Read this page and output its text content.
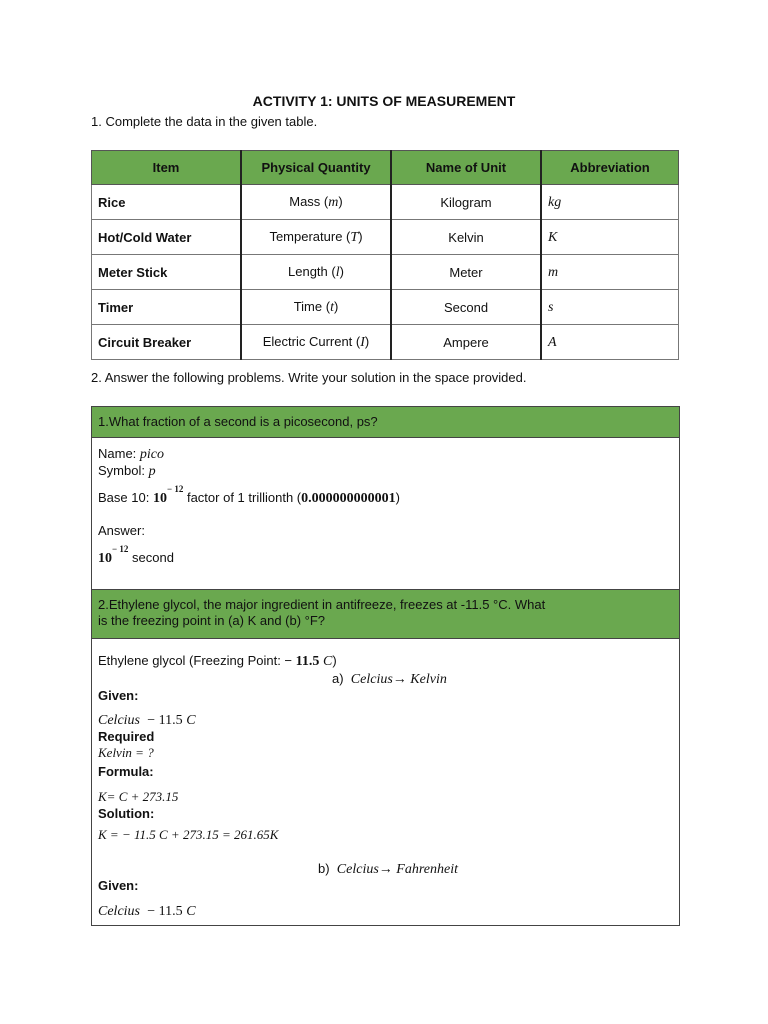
ACTIVITY 1: UNITS OF MEASUREMENT
1. Complete the data in the given table.
Item	Physical Quantity	Name of Unit	Abbreviation
Rice	Mass (m)	Kilogram	kg
Hot/Cold Water	Temperature (T)	Kelvin	K
Meter Stick	Length (l)	Meter	m
Timer	Time (t)	Second	s
Circuit Breaker	Electric Current (I)	Ampere	A
2. Answer the following problems. Write your solution in the space provided.
1.What fraction of a second is a picosecond, ps?
Name: pico
Symbol: p
Base 10: $10^{- 12}$ factor of 1 trillionth (0.000000000001)
Answer:
$10^{- 12}$ second
2.Ethylene glycol, the major ingredient in antifreeze, freezes at -11.5 °C. What
is the freezing point in (a) K and (b) °F?
Ethylene glycol (Freezing Point: − 11.5 C)
a) Celcius→ Kelvin
Given:
Celcius − 11.5 C
Required
Kelvin = ?
Formula:
K= C + 273.15
Solution:
K = − 11.5 C + 273.15 = 261.65K
b) Celcius→ Fahrenheit
Given:
Celcius − 11.5 C
